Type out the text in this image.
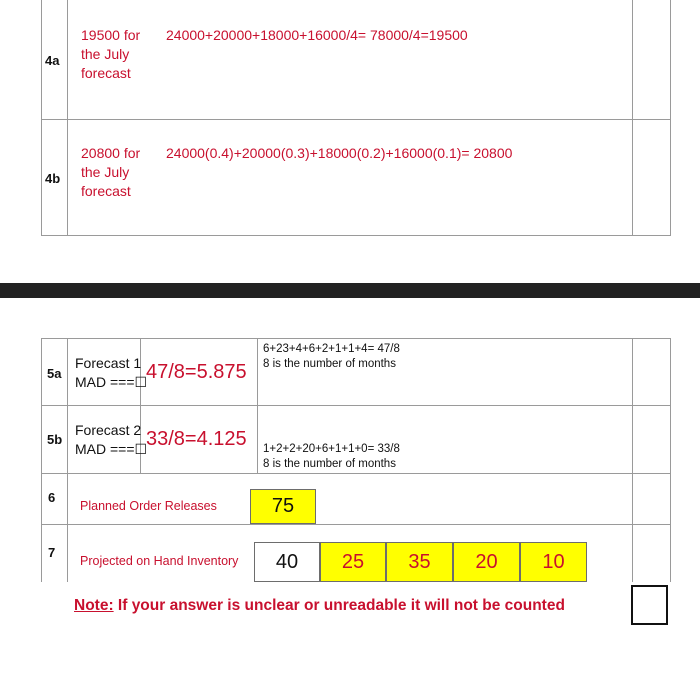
4a
19500 for
the July
forecast
24000+20000+18000+16000/4= 78000/4=19500
4b
20800 for
the July
forecast
24000(0.4)+20000(0.3)+18000(0.2)+16000(0.1)= 20800
5a
Forecast 1
MAD ===☐
47/8=5.875
6+23+4+6+2+1+1+4= 47/8
8 is the number of months
5b
Forecast 2
MAD ===☐
33/8=4.125 1+2+2+20+6+1+1+0= 33/8
8 is the number of months
6
Planned Order Releases	75
7
Projected on Hand Inventory 40 25 35 20 10
Note: If your answer is unclear or unreadable it will not be counted
